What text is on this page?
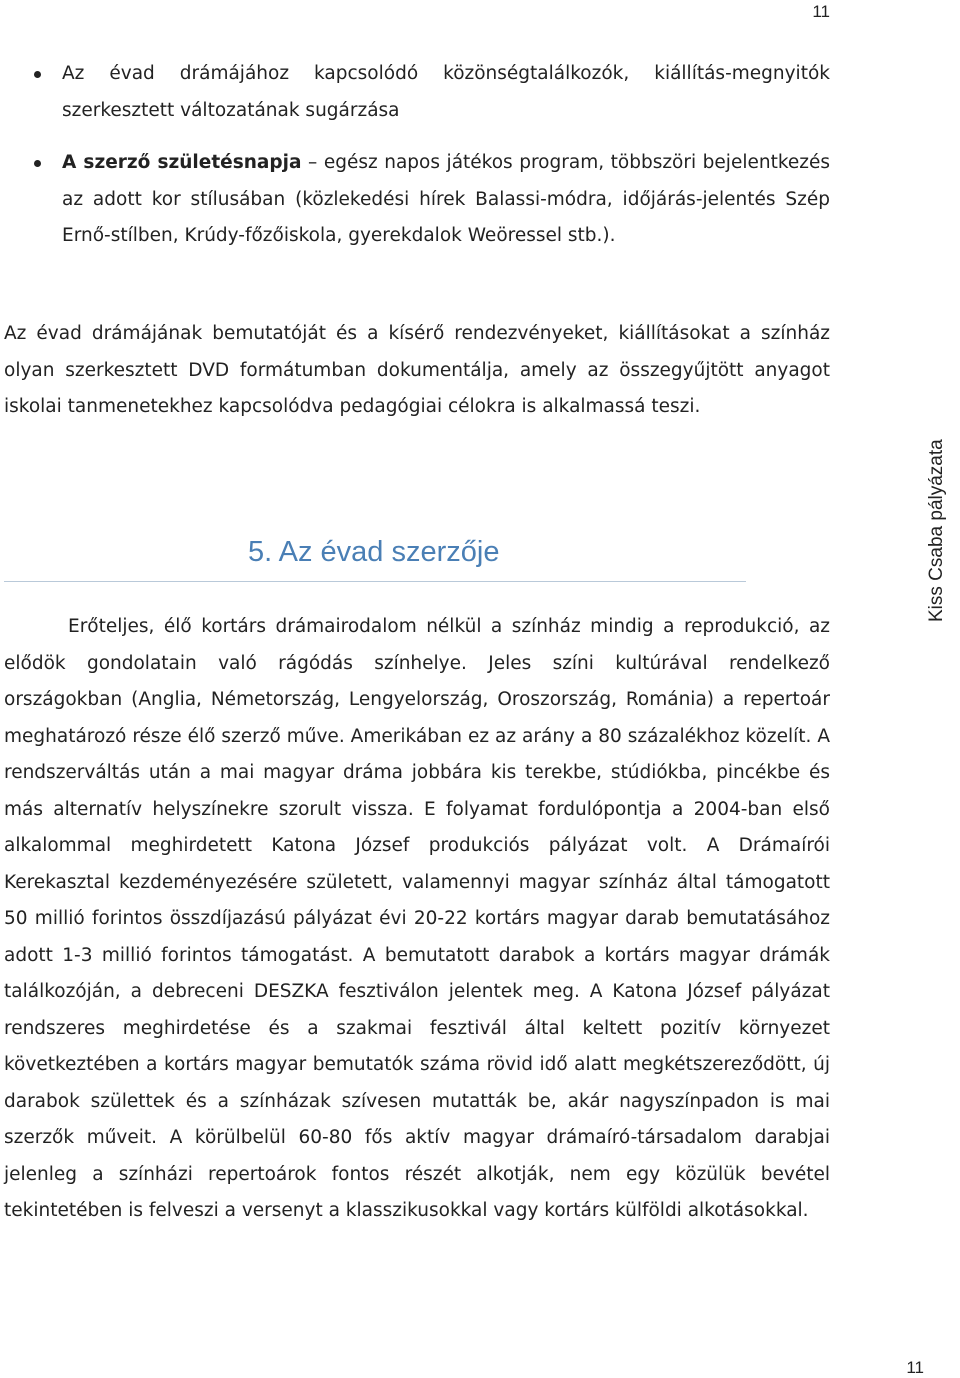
11
Kiss Csaba pályázata
Az évad drámájához kapcsolódó közönségtalálkozók, kiállítás-megnyitók szerkesztett változatának sugárzása
A szerző születésnapja – egész napos játékos program, többszöri bejelentkezés az adott kor stílusában (közlekedési hírek Balassi-módra, időjárás-jelentés Szép Ernő-stílben, Krúdy-főzőiskola, gyerekdalok Weöressel stb.).

Az évad drámájának bemutatóját és a kísérő rendezvényeket, kiállításokat a színház olyan szerkesztett DVD formátumban dokumentálja, amely az összegyűjtött anyagot iskolai tanmenetekhez kapcsolódva pedagógiai célokra is alkalmassá teszi.

5. Az évad szerzője

Erőteljes, élő kortárs drámairodalom nélkül a színház mindig a reprodukció, az elődök gondolatain való rágódás színhelye. Jeles színi kultúrával rendelkező országokban (Anglia, Németország, Lengyelország, Oroszország, Románia) a repertoár meghatározó része élő szerző műve. Amerikában ez az arány a 80 százalékhoz közelít. A rendszerváltás után a mai magyar dráma jobbára kis terekbe, stúdiókba, pincékbe és más alternatív helyszínekre szorult vissza. E folyamat fordulópontja a 2004-ban első alkalommal meghirdetett Katona József produkciós pályázat volt. A Drámaírói Kerekasztal kezdeményezésére született, valamennyi magyar színház által támogatott 50 millió forintos összdíjazású pályázat évi 20-22 kortárs magyar darab bemutatásához adott 1-3 millió forintos támogatást. A bemutatott darabok a kortárs magyar drámák találkozóján, a debreceni DESZKA fesztiválon jelentek meg. A Katona József pályázat rendszeres meghirdetése és a szakmai fesztivál által keltett pozitív környezet következtében a kortárs magyar bemutatók száma rövid idő alatt megkétszereződött, új darabok születtek és a színházak szívesen mutatták be, akár nagyszínpadon is mai szerzők műveit. A körülbelül 60-80 fős aktív magyar drámaíró-társadalom darabjai jelenleg a színházi repertoárok fontos részét alkotják, nem egy közülük bevétel tekintetében is felveszi a versenyt a klasszikusokkal vagy kortárs külföldi alkotásokkal.

11
